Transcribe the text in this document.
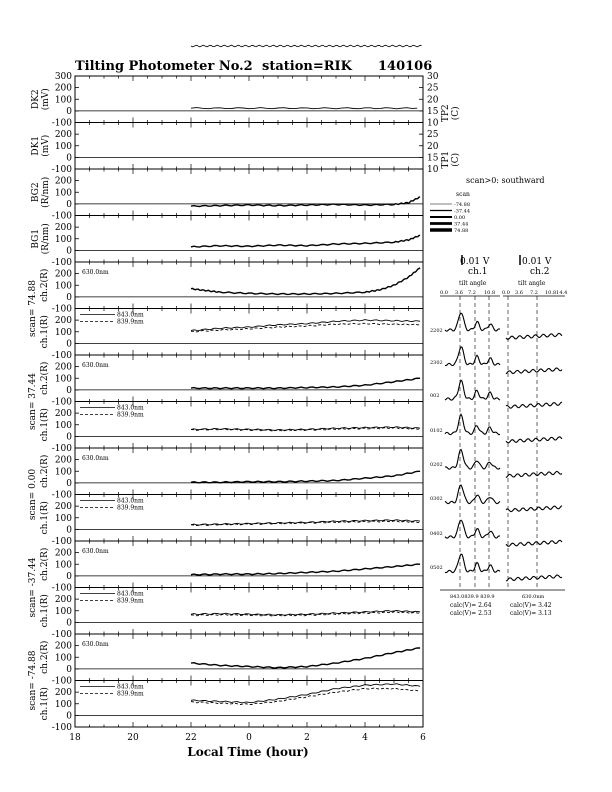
Tilting Photometer No.2 station=RIK 140106
scan>0: southward
scan
-74.88
-37.44
0.00
37.44
74.88
0.01 V	0.01 V
ch.1	ch.2
tilt angle	tilt angle
0.0 3.6 7.2 10.8 0.0 3.6 7.2 10.814.4
2202
2302
002
0102
0202
0302
0402
0502
843.0839.9 839.9	630.0nm
calc(V)= 2.64
calc(V)= 2.53
calc(V)= 3.42
calc(V)= 3.13
300
200
100
0
-100
30
25
20
15
10
200
100
0
-100
25
20
15
10
200
100
0
-100
200
100
0
-100
200
100
0
-100
200
100
0
-100
200
100
0
-100
200
100
0
-100
200
100
0
-100
200
100
0
-100
200
100
0
-100
200
100
0
-100
200
100
0
-100
200
100
0
-100
18	20	22	0	2	4	6
DK2 (mV)
DK1 (mV)
BG2 (R/nm)
BG1 (R/nm)
TP2 (C)
TP1 (C)
scan= 74.88 ch.2(R)
ch.1(R)
630.0nm
843.0nm
839.9nm
scan= 37.44 ch.2(R)
ch.1(R)
630.0nm
843.0nm
839.9nm
scan= 0.00 ch.2(R)
ch.1(R)
630.0nm
843.0nm
839.9nm
scan= -37.44 ch.2(R)
ch.1(R)
630.0nm
843.0nm
839.9nm
scan= -74.88 ch.2(R)
ch.1(R)
630.0nm
843.0nm
839.9nm
Local Time (hour)
